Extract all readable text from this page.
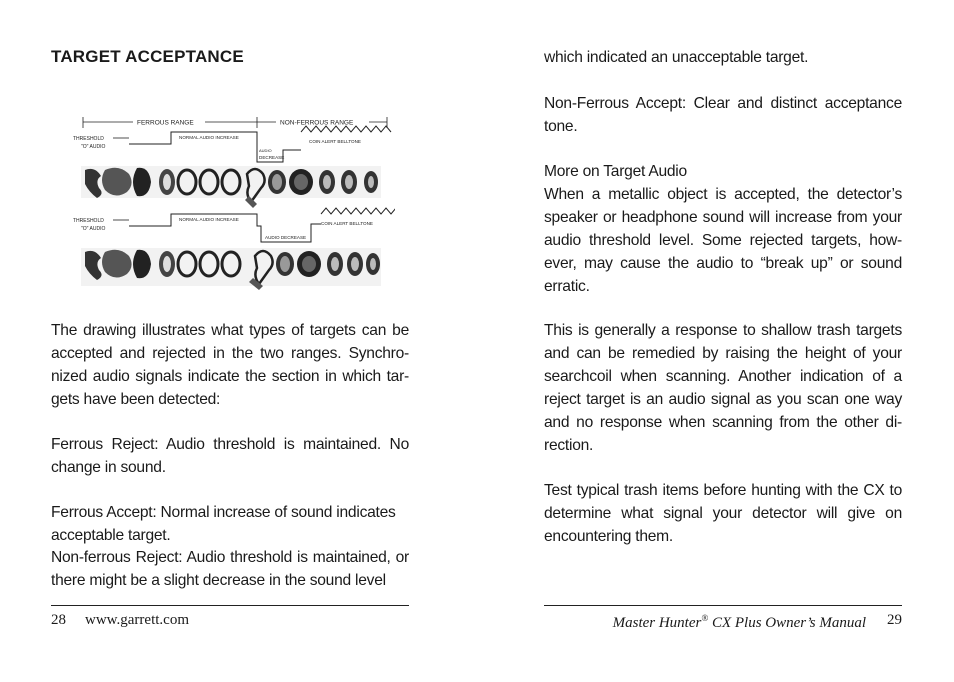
TARGET ACCEPTANCE
FERROUS RANGE	NON-FERROUS RANGE
THRESHOLD
"O" AUDIO
NORMAL AUDIO INCREASE
AUDIO
DECREASE
COIN ALERT BELLTONE
THRESHOLD
"O" AUDIO
NORMAL AUDIO INCREASE
AUDIO DECREASE
COIN ALERT BELLTONE
The drawing illustrates what types of targets can be accepted and rejected in the two ranges. Synchro-nized audio signals indicate the section in which tar-gets have been detected:
Ferrous Reject: Audio threshold is maintained. No change in sound.
Ferrous Accept: Normal increase of sound indicates acceptable target.
Non-ferrous Reject: Audio threshold is maintained, or there might be a slight decrease in the sound level
28 www.garrett.com
which indicated an unacceptable target.
Non-Ferrous Accept: Clear and distinct acceptance tone.
More on Target Audio
When a metallic object is accepted, the detector’s speaker or headphone sound will increase from your audio threshold level. Some rejected targets, how-ever, may cause the audio to “break up” or sound erratic.
This is generally a response to shallow trash targets and can be remedied by raising the height of your searchcoil when scanning. Another indication of a reject target is an audio signal as you scan one way and no response when scanning from the other di-rection.
Test typical trash items before hunting with the CX to determine what signal your detector will give on encountering them.
Master Hunter® CX Plus Owner’s Manual 29
